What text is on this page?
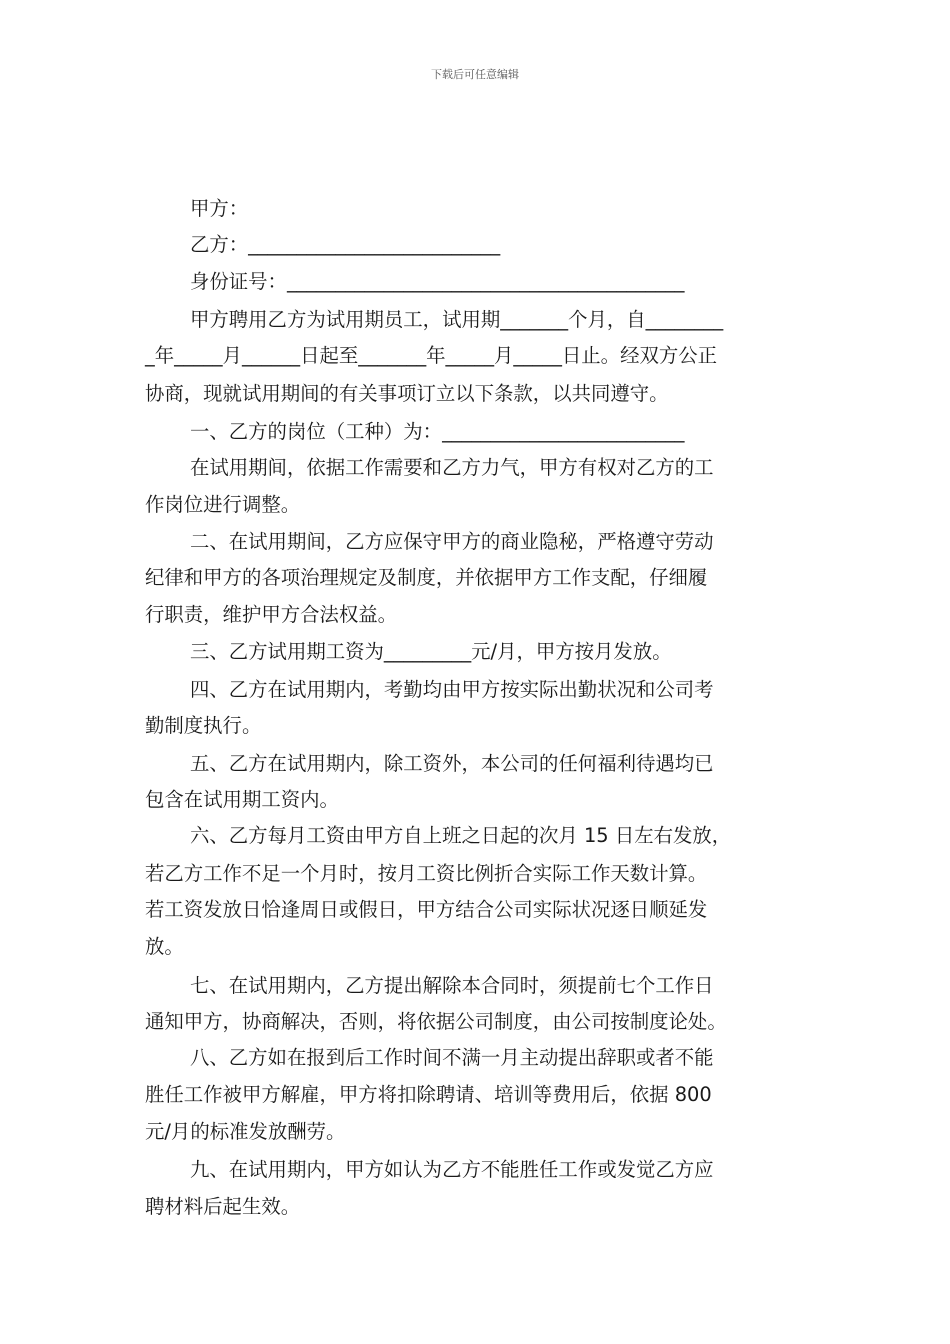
下载后可任意编辑
甲方：
乙方：__________________________
身份证号：_________________________________________
甲方聘用乙方为试用期员工，试用期_______个月，自________
_年_____月______日起至_______年_____月_____日止。经双方公正
协商，现就试用期间的有关事项订立以下条款，以共同遵守。
一、乙方的岗位（工种）为：_________________________
在试用期间，依据工作需要和乙方力气，甲方有权对乙方的工
作岗位进行调整。
二、在试用期间，乙方应保守甲方的商业隐秘，严格遵守劳动
纪律和甲方的各项治理规定及制度，并依据甲方工作支配，仔细履
行职责，维护甲方合法权益。
三、乙方试用期工资为_________元/月，甲方按月发放。
四、乙方在试用期内，考勤均由甲方按实际出勤状况和公司考
勤制度执行。
五、乙方在试用期内，除工资外，本公司的任何福利待遇均已
包含在试用期工资内。
六、乙方每月工资由甲方自上班之日起的次月 15 日左右发放，
若乙方工作不足一个月时，按月工资比例折合实际工作天数计算。
若工资发放日恰逢周日或假日，甲方结合公司实际状况逐日顺延发
放。
七、在试用期内，乙方提出解除本合同时，须提前七个工作日
通知甲方，协商解决，否则，将依据公司制度，由公司按制度论处。
八、乙方如在报到后工作时间不满一月主动提出辞职或者不能
胜任工作被甲方解雇，甲方将扣除聘请、培训等费用后，依据 800
元/月的标准发放酬劳。
九、在试用期内，甲方如认为乙方不能胜任工作或发觉乙方应
聘材料后起生效。
